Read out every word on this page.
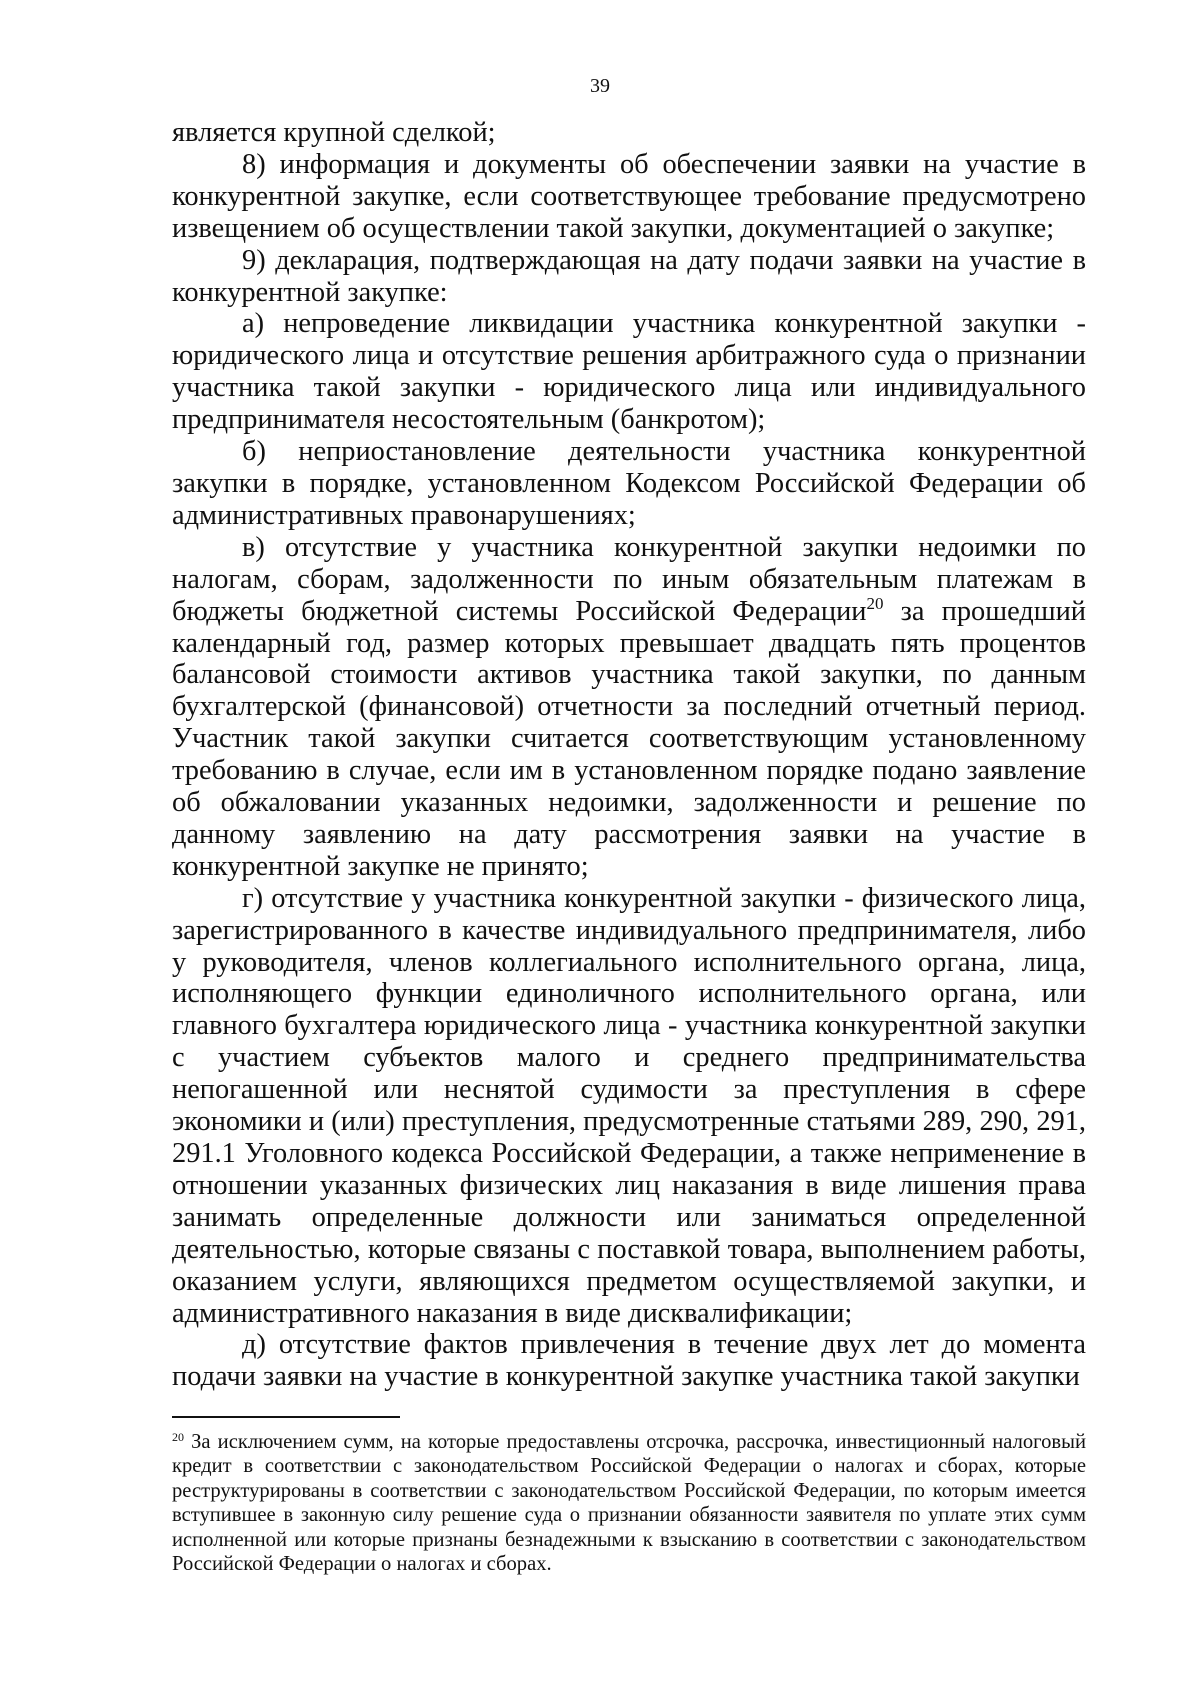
39

является крупной сделкой;

8) информация и документы об обеспечении заявки на участие в конкурентной закупке, если соответствующее требование предусмотрено извещением об осуществлении такой закупки, документацией о закупке;

9) декларация, подтверждающая на дату подачи заявки на участие в конкурентной закупке:

а) непроведение ликвидации участника конкурентной закупки - юридического лица и отсутствие решения арбитражного суда о признании участника такой закупки - юридического лица или индивидуального предпринимателя несостоятельным (банкротом);

б) неприостановление деятельности участника конкурентной закупки в порядке, установленном Кодексом Российской Федерации об административных правонарушениях;

в) отсутствие у участника конкурентной закупки недоимки по налогам, сборам, задолженности по иным обязательным платежам в бюджеты бюджетной системы Российской Федерации$^{20}$ за прошедший календарный год, размер которых превышает двадцать пять процентов балансовой стоимости активов участника такой закупки, по данным бухгалтерской (финансовой) отчетности за последний отчетный период. Участник такой закупки считается соответствующим установленному требованию в случае, если им в установленном порядке подано заявление об обжаловании указанных недоимки, задолженности и решение по данному заявлению на дату рассмотрения заявки на участие в конкурентной закупке не принято;

г) отсутствие у участника конкурентной закупки - физического лица, зарегистрированного в качестве индивидуального предпринимателя, либо у руководителя, членов коллегиального исполнительного органа, лица, исполняющего функции единоличного исполнительного органа, или главного бухгалтера юридического лица - участника конкурентной закупки с участием субъектов малого и среднего предпринимательства непогашенной или неснятой судимости за преступления в сфере экономики и (или) преступления, предусмотренные статьями 289, 290, 291, 291.1 Уголовного кодекса Российской Федерации, а также неприменение в отношении указанных физических лиц наказания в виде лишения права занимать определенные должности или заниматься определенной деятельностью, которые связаны с поставкой товара, выполнением работы, оказанием услуги, являющихся предметом осуществляемой закупки, и административного наказания в виде дисквалификации;

д) отсутствие фактов привлечения в течение двух лет до момента подачи заявки на участие в конкурентной закупке участника такой закупки

$^{20}$ За исключением сумм, на которые предоставлены отсрочка, рассрочка, инвестиционный налоговый кредит в соответствии с законодательством Российской Федерации о налогах и сборах, которые реструктурированы в соответствии с законодательством Российской Федерации, по которым имеется вступившее в законную силу решение суда о признании обязанности заявителя по уплате этих сумм исполненной или которые признаны безнадежными к взысканию в соответствии с законодательством Российской Федерации о налогах и сборах.
